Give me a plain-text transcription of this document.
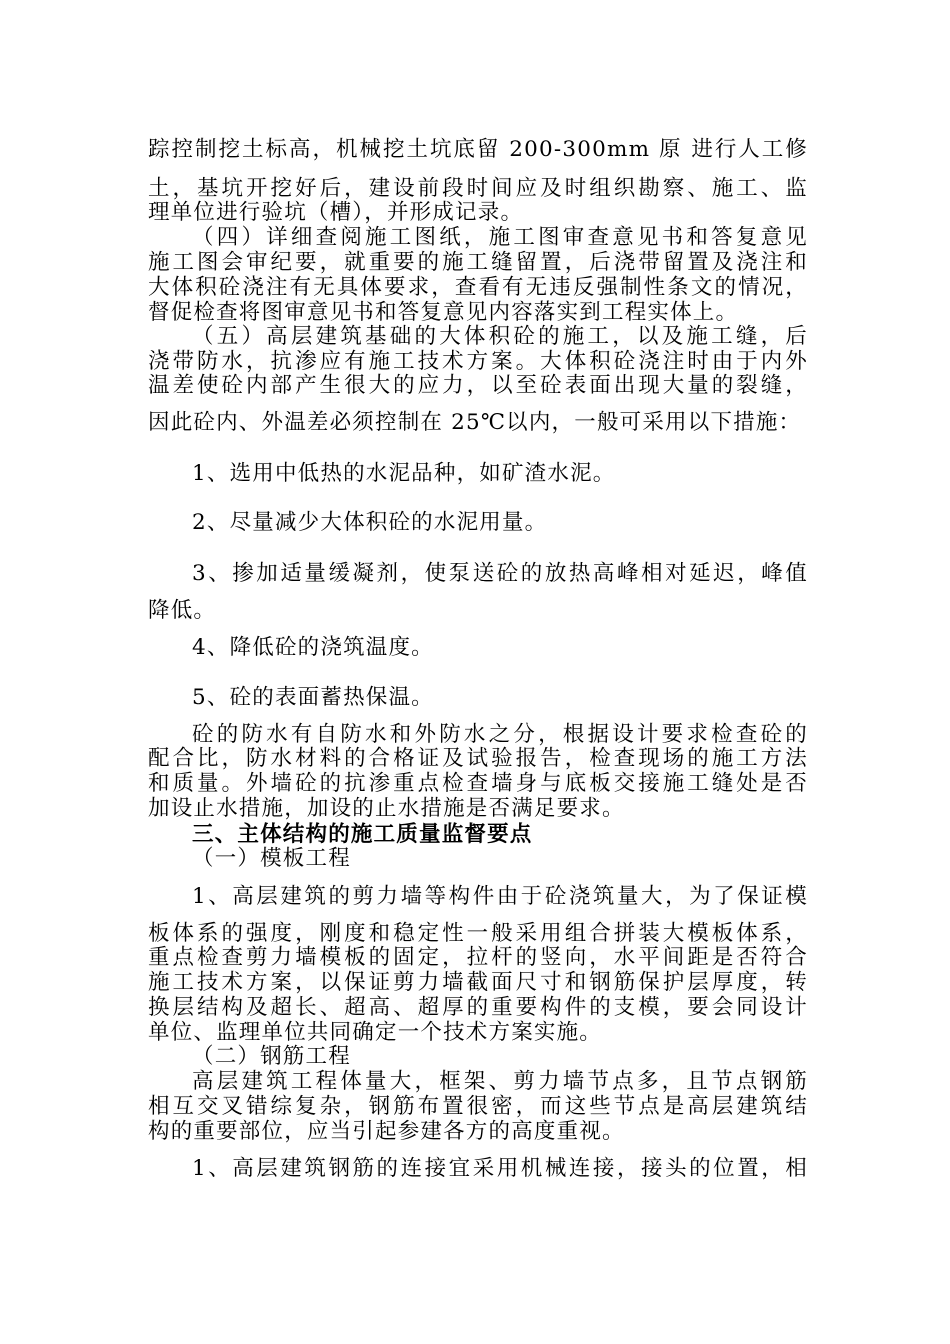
踪控制挖土标高，机械挖土坑底留 200-300mm 原 进行人工修
土，基坑开挖好后，建设前段时间应及时组织勘察、施工、监
理单位进行验坑（槽），并形成记录。
（四）详细查阅施工图纸，施工图审查意见书和答复意见
施工图会审纪要，就重要的施工缝留置，后浇带留置及浇注和
大体积砼浇注有无具体要求，查看有无违反强制性条文的情况，
督促检查将图审意见书和答复意见内容落实到工程实体上。
（五）高层建筑基础的大体积砼的施工，以及施工缝，后
浇带防水，抗渗应有施工技术方案。大体积砼浇注时由于内外
温差使砼内部产生很大的应力，以至砼表面出现大量的裂缝，
因此砼内、外温差必须控制在 25℃以内，一般可采用以下措施：
1、选用中低热的水泥品种，如矿渣水泥。
2、尽量减少大体积砼的水泥用量。
3、掺加适量缓凝剂，使泵送砼的放热高峰相对延迟，峰值
降低。
4、降低砼的浇筑温度。
5、砼的表面蓄热保温。
砼的防水有自防水和外防水之分，根据设计要求检查砼的
配合比，防水材料的合格证及试验报告，检查现场的施工方法
和质量。外墙砼的抗渗重点检查墙身与底板交接施工缝处是否
加设止水措施，加设的止水措施是否满足要求。
三、主体结构的施工质量监督要点
（一）模板工程
1、高层建筑的剪力墙等构件由于砼浇筑量大，为了保证模
板体系的强度，刚度和稳定性一般采用组合拼装大模板体系，
重点检查剪力墙模板的固定，拉杆的竖向，水平间距是否符合
施工技术方案，以保证剪力墙截面尺寸和钢筋保护层厚度，转
换层结构及超长、超高、超厚的重要构件的支模，要会同设计
单位、监理单位共同确定一个技术方案实施。
（二）钢筋工程
高层建筑工程体量大，框架、剪力墙节点多，且节点钢筋
相互交叉错综复杂，钢筋布置很密，而这些节点是高层建筑结
构的重要部位，应当引起参建各方的高度重视。
1、高层建筑钢筋的连接宜采用机械连接，接头的位置，相
